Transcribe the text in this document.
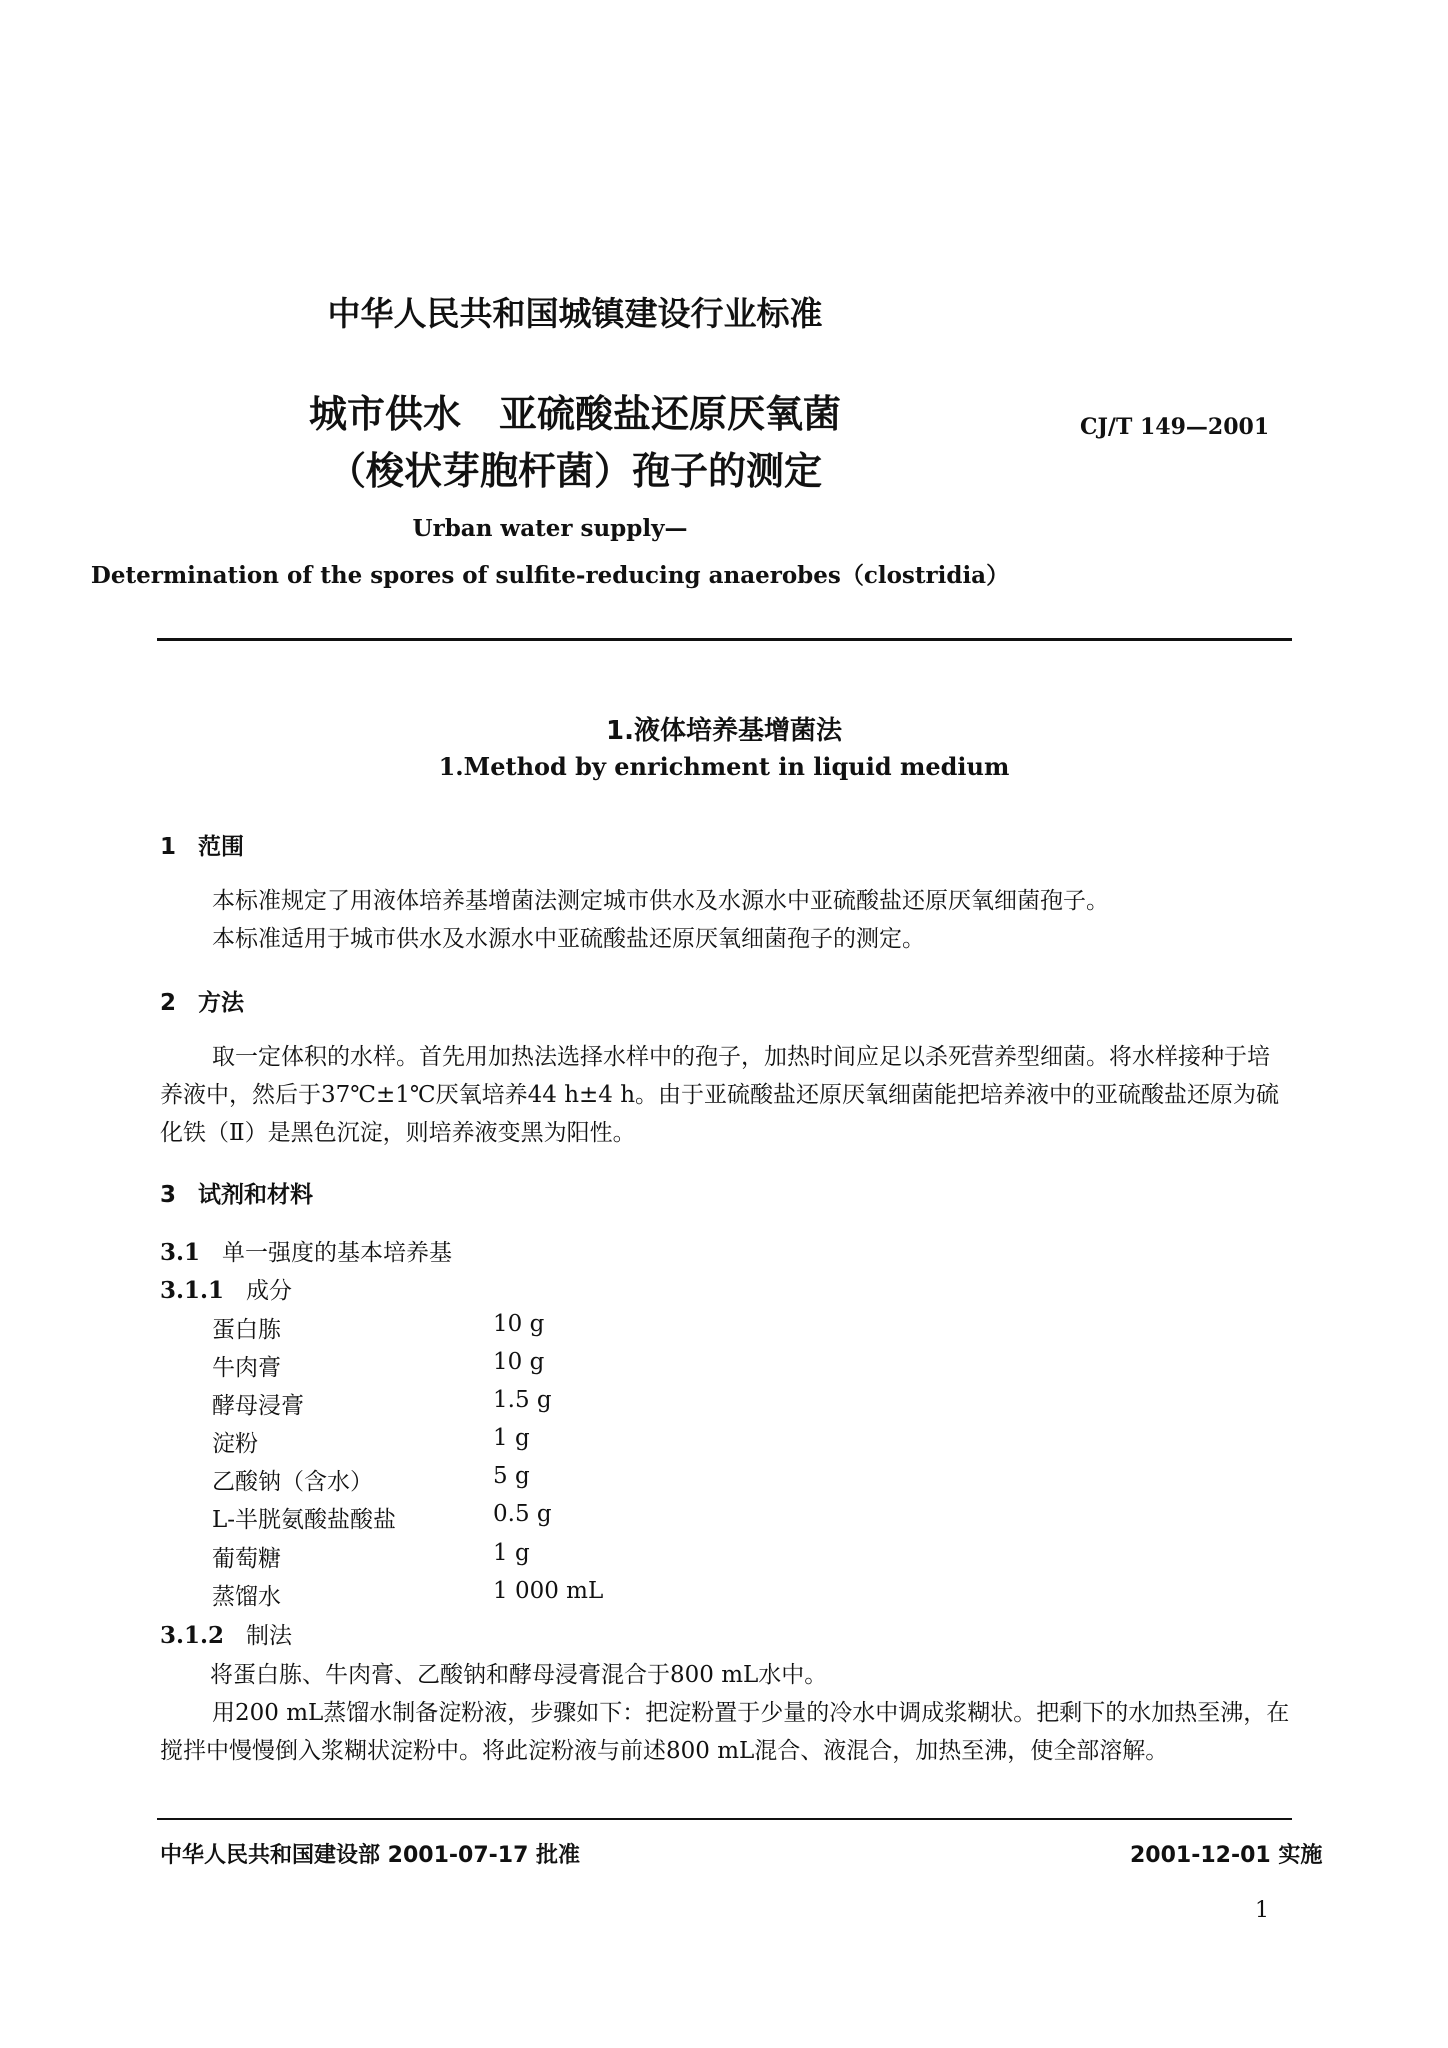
中华人民共和国城镇建设行业标准
城市供水　亚硫酸盐还原厌氧菌
（梭状芽胞杆菌）孢子的测定
CJ/T 149—2001
Urban water supply—
Determination of the spores of sulfite-reducing anaerobes（clostridia）
1.液体培养基增菌法
1.Method by enrichment in liquid medium
1 范围
本标准规定了用液体培养基增菌法测定城市供水及水源水中亚硫酸盐还原厌氧细菌孢子。
本标准适用于城市供水及水源水中亚硫酸盐还原厌氧细菌孢子的测定。
2 方法
取一定体积的水样。首先用加热法选择水样中的孢子，加热时间应足以杀死营养型细菌。将水样接种于培养液中，然后于37℃±1℃厌氧培养44 h±4 h。由于亚硫酸盐还原厌氧细菌能把培养液中的亚硫酸盐还原为硫化铁（Ⅱ）是黑色沉淀，则培养液变黑为阳性。
3 试剂和材料
3.1 单一强度的基本培养基
3.1.1 成分
蛋白胨	10 g
牛肉膏	10 g
酵母浸膏	1.5 g
淀粉	1 g
乙酸钠（含水）	5 g
L-半胱氨酸盐酸盐	0.5 g
葡萄糖	1 g
蒸馏水	1 000 mL
3.1.2 制法
将蛋白胨、牛肉膏、乙酸钠和酵母浸膏混合于800 mL水中。
用200 mL蒸馏水制备淀粉液，步骤如下：把淀粉置于少量的冷水中调成浆糊状。把剩下的水加热至沸，在搅拌中慢慢倒入浆糊状淀粉中。将此淀粉液与前述800 mL混合、液混合，加热至沸，使全部溶解。
中华人民共和国建设部 2001-07-17 批准	2001-12-01 实施
1
